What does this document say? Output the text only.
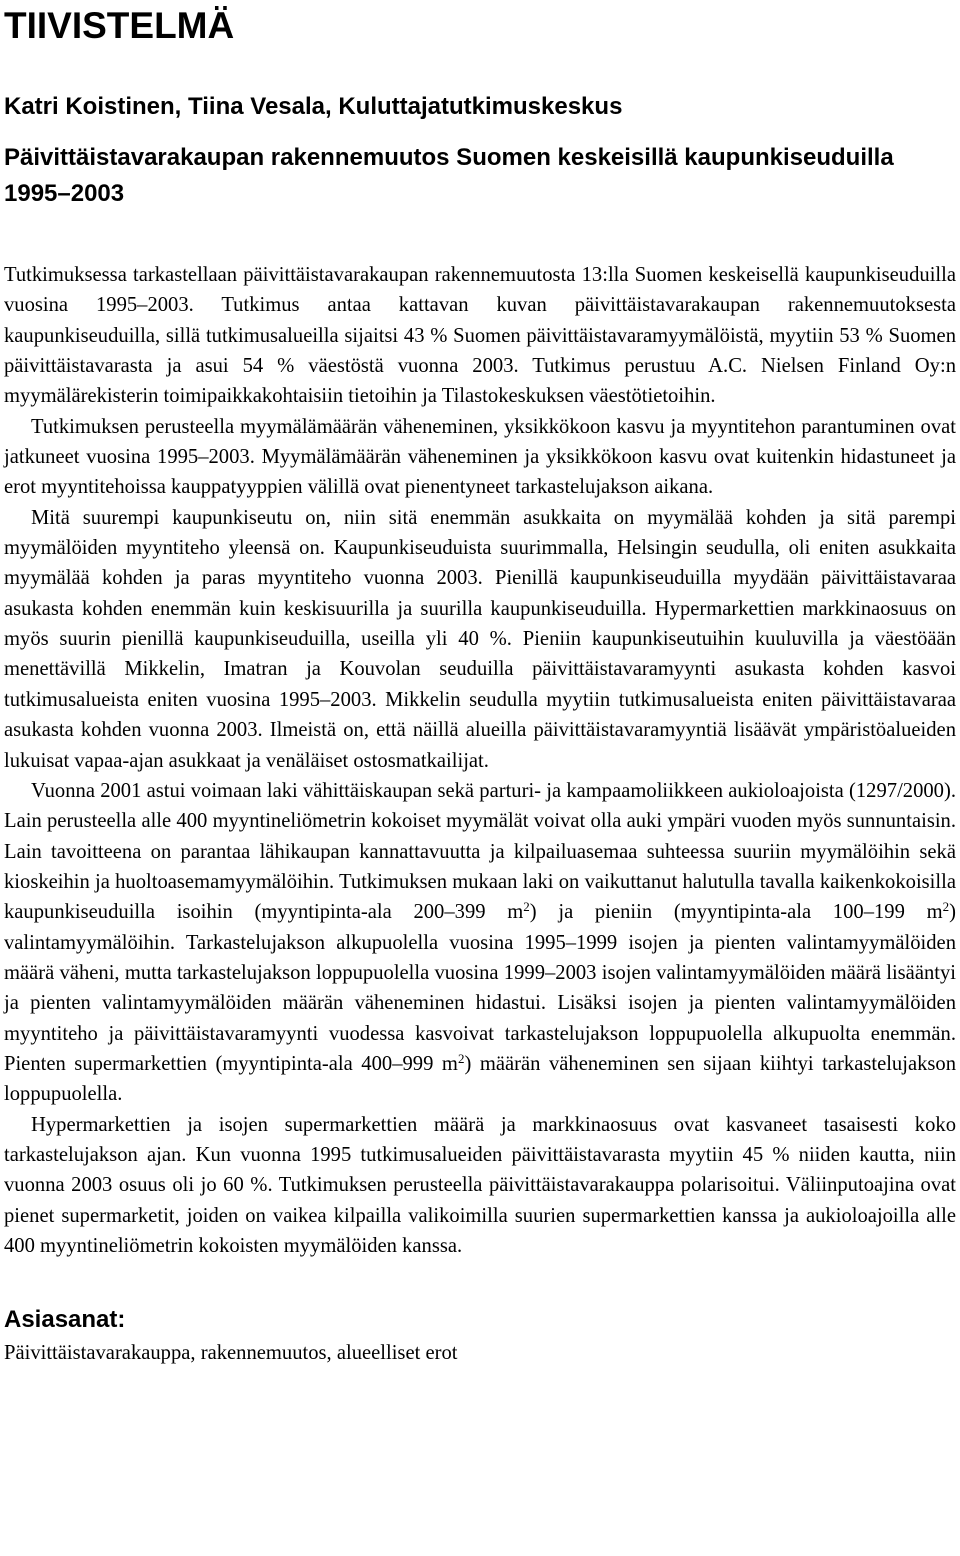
TIIVISTELMÄ
Katri Koistinen, Tiina Vesala, Kuluttajatutkimuskeskus
Päivittäistavarakaupan rakennemuutos Suomen keskeisillä kaupunkiseuduilla 1995–2003

Tutkimuksessa tarkastellaan päivittäistavarakaupan rakennemuutosta 13:lla Suomen keskeisellä kaupunkiseuduilla vuosina 1995–2003. Tutkimus antaa kattavan kuvan päivittäistavarakaupan rakennemuutoksesta kaupunkiseuduilla, sillä tutkimusalueilla sijaitsi 43 % Suomen päivittäistavaramyymälöistä, myytiin 53 % Suomen päivittäistavarasta ja asui 54 % väestöstä vuonna 2003. Tutkimus perustuu A.C. Nielsen Finland Oy:n myymälärekisterin toimipaikkakohtaisiin tietoihin ja Tilastokeskuksen väestötietoihin.

Tutkimuksen perusteella myymälämäärän väheneminen, yksikkökoon kasvu ja myyntitehon parantuminen ovat jatkuneet vuosina 1995–2003. Myymälämäärän väheneminen ja yksikkökoon kasvu ovat kuitenkin hidastuneet ja erot myyntitehoissa kauppatyyppien välillä ovat pienentyneet tarkastelujakson aikana.

Mitä suurempi kaupunkiseutu on, niin sitä enemmän asukkaita on myymälää kohden ja sitä parempi myymälöiden myyntiteho yleensä on. Kaupunkiseuduista suurimmalla, Helsingin seudulla, oli eniten asukkaita myymälää kohden ja paras myyntiteho vuonna 2003. Pienillä kaupunkiseuduilla myydään päivittäistavaraa asukasta kohden enemmän kuin keskisuurilla ja suurilla kaupunkiseuduilla. Hypermarkettien markkinaosuus on myös suurin pienillä kaupunkiseuduilla, useilla yli 40 %. Pieniin kaupunkiseutuihin kuuluvilla ja väestöään menettävillä Mikkelin, Imatran ja Kouvolan seuduilla päivittäistavaramyynti asukasta kohden kasvoi tutkimusalueista eniten vuosina 1995–2003. Mikkelin seudulla myytiin tutkimusalueista eniten päivittäistavaraa asukasta kohden vuonna 2003. Ilmeistä on, että näillä alueilla päivittäistavaramyyntiä lisäävät ympäristöalueiden lukuisat vapaa-ajan asukkaat ja venäläiset ostosmatkailijat.

Vuonna 2001 astui voimaan laki vähittäiskaupan sekä parturi- ja kampaamoliikkeen aukioloajoista (1297/2000). Lain perusteella alle 400 myyntineliömetrin kokoiset myymälät voivat olla auki ympäri vuoden myös sunnuntaisin. Lain tavoitteena on parantaa lähikaupan kannattavuutta ja kilpailuasemaa suhteessa suuriin myymälöihin sekä kioskeihin ja huoltoasemamyymälöihin. Tutkimuksen mukaan laki on vaikuttanut halutulla tavalla kaikenkokoisilla kaupunkiseuduilla isoihin (myyntipinta-ala 200–399 $m^2$) ja pieniin (myyntipinta-ala 100–199 $m^2$) valintamyymälöihin. Tarkastelujakson alkupuolella vuosina 1995–1999 isojen ja pienten valintamyymälöiden määrä väheni, mutta tarkastelujakson loppupuolella vuosina 1999–2003 isojen valintamyymälöiden määrä lisääntyi ja pienten valintamyymälöiden määrän väheneminen hidastui. Lisäksi isojen ja pienten valintamyymälöiden myyntiteho ja päivittäistavaramyynti vuodessa kasvoivat tarkastelujakson loppupuolella alkupuolta enemmän. Pienten supermarkettien (myyntipinta-ala 400–999 $m^2$) määrän väheneminen sen sijaan kiihtyi tarkastelujakson loppupuolella.

Hypermarkettien ja isojen supermarkettien määrä ja markkinaosuus ovat kasvaneet tasaisesti koko tarkastelujakson ajan. Kun vuonna 1995 tutkimusalueiden päivittäistavarasta myytiin 45 % niiden kautta, niin vuonna 2003 osuus oli jo 60 %. Tutkimuksen perusteella päivittäistavarakauppa polarisoitui. Väliinputoajina ovat pienet supermarketit, joiden on vaikea kilpailla valikoimilla suurien supermarkettien kanssa ja aukioloajoilla alle 400 myyntineliömetrin kokoisten myymälöiden kanssa.

Asiasanat:
Päivittäistavarakauppa, rakennemuutos, alueelliset erot
